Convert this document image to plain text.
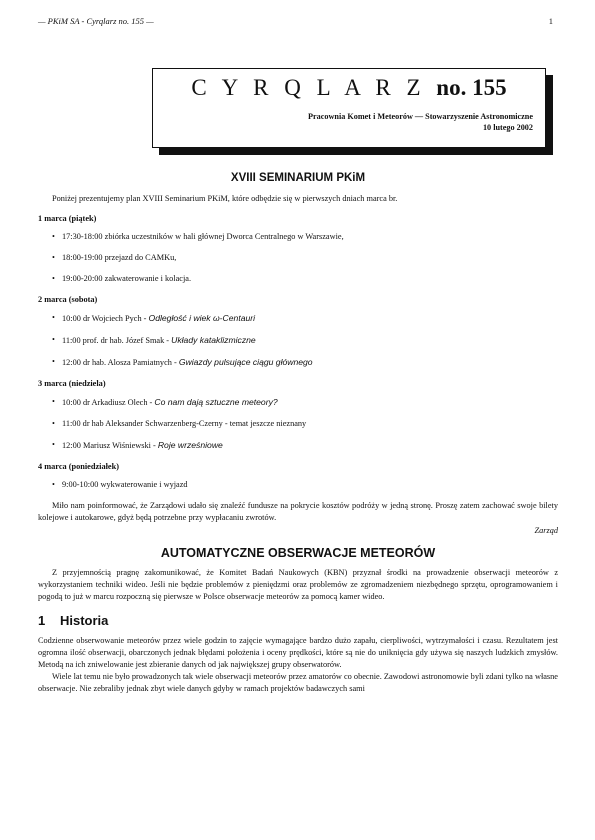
— PKiM SA - Cyrqlarz no. 155 —	1
C Y R Q L A R Z no. 155
Pracownia Komet i Meteorów — Stowarzyszenie Astronomiczne
10 lutego 2002
XVIII SEMINARIUM PKiM

Poniżej prezentujemy plan XVIII Seminarium PKiM, które odbędzie się w pierwszych dniach marca br.

1 marca (piątek)
• 17:30-18:00 zbiórka uczestników w hali głównej Dworca Centralnego w Warszawie,
• 18:00-19:00 przejazd do CAMKu,
• 19:00-20:00 zakwaterowanie i kolacja.
2 marca (sobota)
• 10:00 dr Wojciech Pych - Odległość i wiek ω-Centauri
• 11:00 prof. dr hab. Józef Smak - Układy kataklizmiczne
• 12:00 dr hab. Alosza Pamiatnych - Gwiazdy pulsujące ciągu głównego
3 marca (niedziela)
• 10:00 dr Arkadiusz Olech - Co nam dają sztuczne meteory?
• 11:00 dr hab Aleksander Schwarzenberg-Czerny - temat jeszcze nieznany
• 12:00 Mariusz Wiśniewski - Roje wrześniowe
4 marca (poniedziałek)
• 9:00-10:00 wykwaterowanie i wyjazd

Miło nam poinformować, że Zarządowi udało się znaleźć fundusze na pokrycie kosztów podróży w jedną stronę. Proszę zatem zachować swoje bilety kolejowe i autokarowe, gdyż będą potrzebne przy wypłacaniu zwrotów.

Zarząd
AUTOMATYCZNE OBSERWACJE METEORÓW

Z przyjemnością pragnę zakomunikować, że Komitet Badań Naukowych (KBN) przyznał środki na prowadzenie obserwacji meteorów z wykorzystaniem techniki wideo. Jeśli nie będzie problemów z pieniędzmi oraz problemów ze zgromadzeniem niezbędnego sprzętu, oprogramowaniem i pogodą to już w marcu rozpoczną się pierwsze w Polsce obserwacje meteorów za pomocą kamer wideo.

1 Historia

Codzienne obserwowanie meteorów przez wiele godzin to zajęcie wymagające bardzo dużo zapału, cierpliwości, wytrzymałości i czasu. Rezultatem jest ogromna ilość obserwacji, obarczonych jednak błędami położenia i oceny prędkości, które są nie do uniknięcia gdy używa się naszych ludzkich zmysłów. Metodą na ich zniwelowanie jest zbieranie danych od jak największej grupy obserwatorów.

Wiele lat temu nie było prowadzonych tak wiele obserwacji meteorów przez amatorów co obecnie. Zawodowi astronomowie byli zdani tylko na własne obserwacje. Nie zebraliby jednak zbyt wiele danych gdyby w ramach projektów badawczych sami
